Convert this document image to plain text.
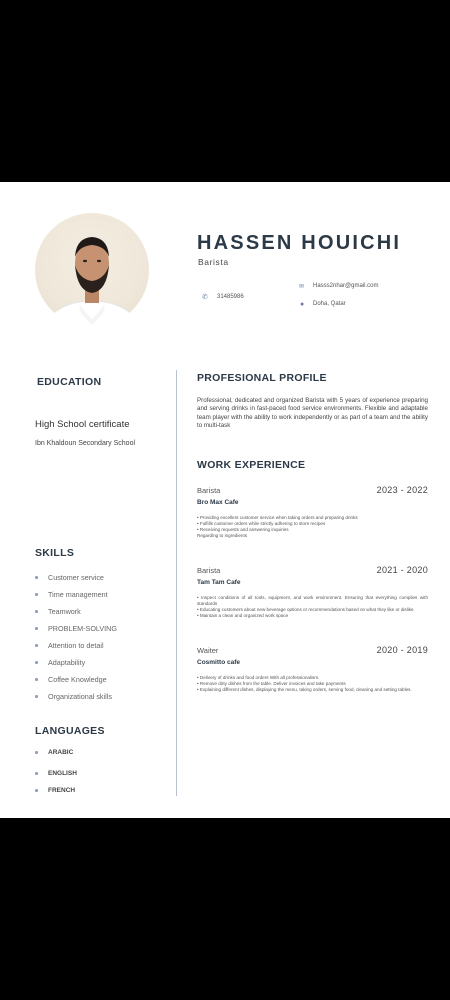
HASSEN HOUICHI
Barista
✆ 31485986
✉ Hasss2nhar@gmail.com
● Doha, Qatar
EDUCATION
High School certificate
Ibn Khaldoun Secondary School
SKILLS
Customer service
Time management
Teamwork
PROBLEM-SOLVING
Attention to detail
Adaptability
Coffee Knowledge
Organizational skills
LANGUAGES
ARABIC
ENGLISH
FRENCH
PROFESIONAL PROFILE
Professional, dedicated and organized Barista with 5 years of experience preparing and serving drinks in fast-paced food service environments. Flexible and adaptable team player with the ability to work independently or as part of a team and the ability to multi-task
WORK EXPERIENCE
Barista	2023 - 2022
Bro Max Cafe
• Providing excellent customer service when taking orders and preparing drinks
• Fulfills customer orders while strictly adhering to store recipes
• Receiving requests and answering inquiries
Regarding to ingredients
Barista	2021 - 2020
Tam Tam Cafe
• Inspect conditions of all tools, equipment, and work environment. Ensuring that everything complies with standards
• Educating customers about new beverage options or recommendations based on what they like or dislike
• Maintain a clean and organized work space
Waiter	2020 - 2019
Cosmitto cafe
• Delivery of drinks and food orders With all professionalism.
• Remove dirty dishes from the table. Deliver invoices and take payments
• Explaining different dishes, displaying the menu, taking orders, serving food, cleaning and setting tables.
